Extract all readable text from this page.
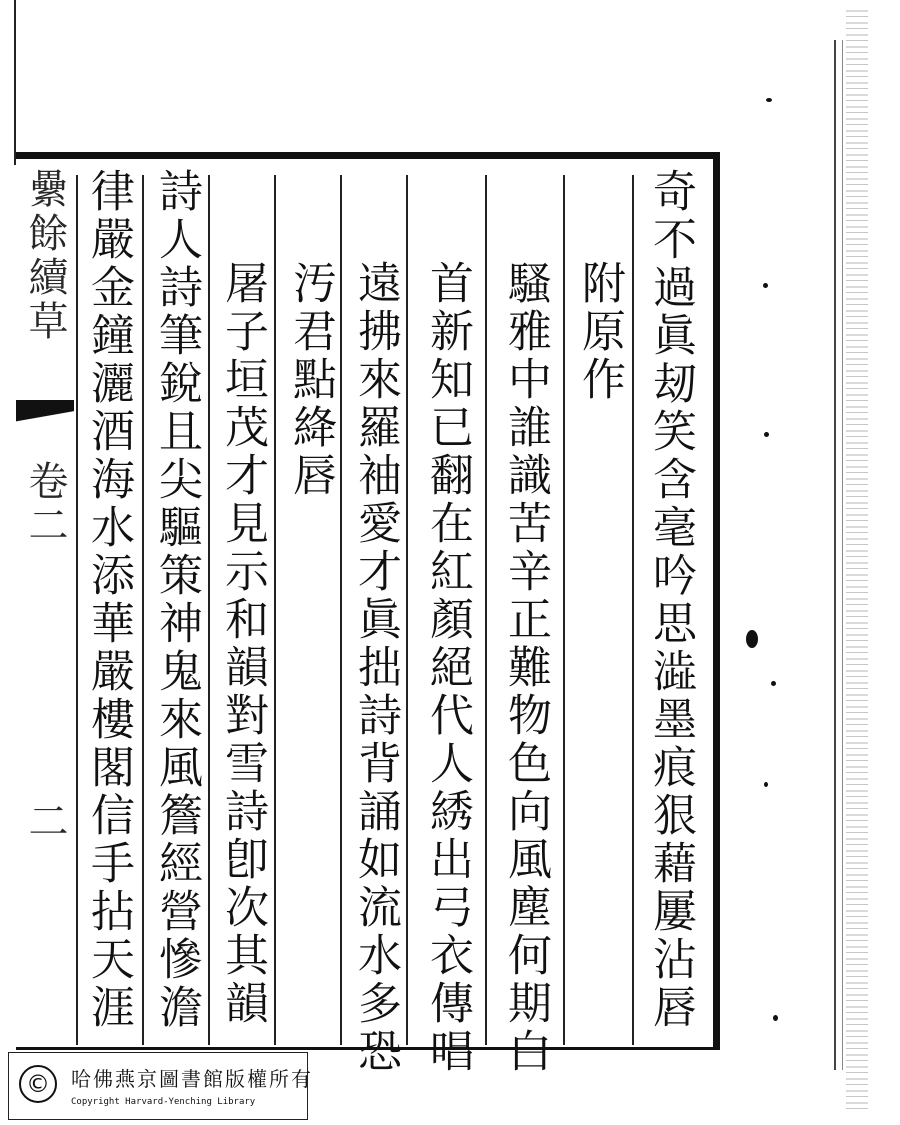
纍餘續草
卷二
二	奇不過眞刼笑含毫吟思澁墨痕狠藉屢沾唇
附原作
騷雅中誰識苦辛正難物色向風塵何期白
首新知已翻在紅顏絕代人綉出弓衣傳唱
遠拂來羅袖愛才眞拙詩背誦如流水多恐
汚君點絳唇
屠子垣茂才見示和韻對雪詩卽次其韻
詩人詩筆銳且尖驅策神鬼來風簷經營慘澹
律嚴金鐘灑酒海水添華嚴樓閣信手拈天涯
©	哈佛燕京圖書館版權所有
Copyright Harvard-Yenching Library
